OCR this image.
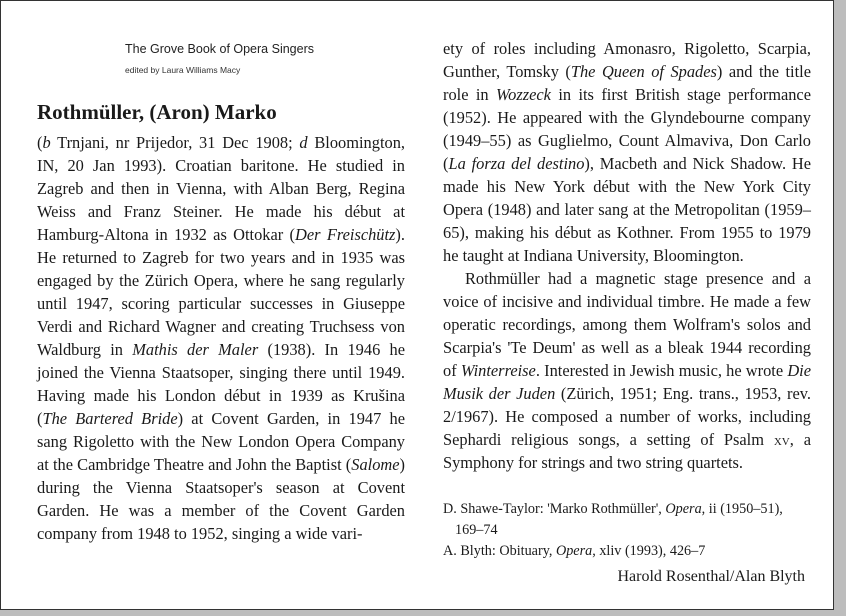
The Grove Book of Opera Singers

edited by Laura Williams Macy

Rothmüller, (Aron) Marko

(b Trnjani, nr Prijedor, 31 Dec 1908; d Bloomington, IN, 20 Jan 1993). Croatian baritone. He studied in Zagreb and then in Vienna, with Alban Berg, Regina Weiss and Franz Steiner. He made his début at Hamburg-Altona in 1932 as Ottokar (Der Freischütz). He returned to Zagreb for two years and in 1935 was engaged by the Zürich Opera, where he sang regularly until 1947, scoring particular successes in Giuseppe Verdi and Richard Wagner and creating Truchsess von Waldburg in Mathis der Maler (1938). In 1946 he joined the Vienna Staatsoper, singing there until 1949. Having made his London début in 1939 as Krušina (The Bartered Bride) at Covent Garden, in 1947 he sang Rigoletto with the New London Opera Company at the Cambridge Theatre and John the Baptist (Salome) during the Vienna Staatsoper's season at Covent Garden. He was a member of the Covent Garden company from 1948 to 1952, singing a wide vari-

ety of roles including Amonasro, Rigoletto, Scarpia, Gunther, Tomsky (The Queen of Spades) and the title role in Wozzeck in its first British stage performance (1952). He appeared with the Glyndebourne company (1949–55) as Guglielmo, Count Almaviva, Don Carlo (La forza del destino), Macbeth and Nick Shadow. He made his New York début with the New York City Opera (1948) and later sang at the Metropolitan (1959–65), making his début as Kothner. From 1955 to 1979 he taught at Indiana University, Bloomington.

Rothmüller had a magnetic stage presence and a voice of incisive and individual timbre. He made a few operatic recordings, among them Wolfram's solos and Scarpia's 'Te Deum' as well as a bleak 1944 recording of Winterreise. Interested in Jewish music, he wrote Die Musik der Juden (Zürich, 1951; Eng. trans., 1953, rev. 2/1967). He composed a number of works, including Sephardi religious songs, a setting of Psalm xv, a Symphony for strings and two string quartets.

D. Shawe-Taylor: 'Marko Rothmüller', Opera, ii (1950–51), 169–74

A. Blyth: Obituary, Opera, xliv (1993), 426–7

Harold Rosenthal/Alan Blyth
